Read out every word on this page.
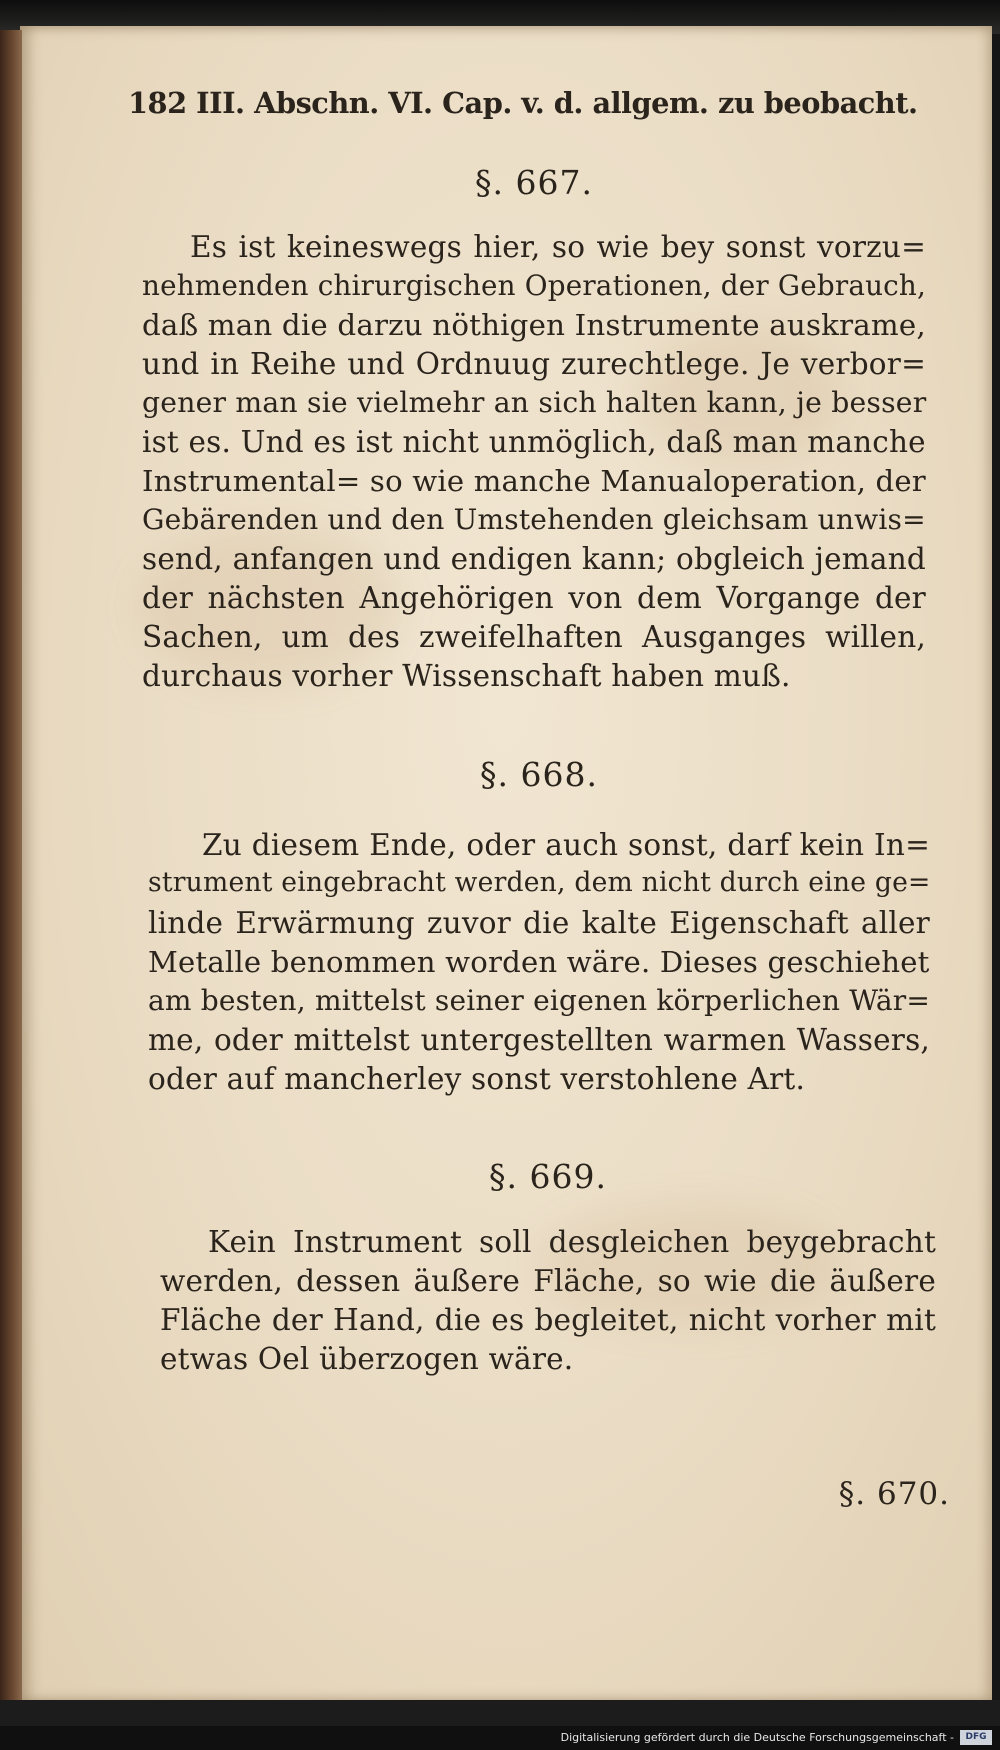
182 III. Abschn. VI. Cap. v. d. allgem. zu beobacht.
§. 667.
Es ist keineswegs hier, so wie bey sonst vorzu=
nehmenden chirurgischen Operationen, der Gebrauch,
daß man die darzu nöthigen Instrumente auskrame,
und in Reihe und Ordnuug zurechtlege. Je verbor=
gener man sie vielmehr an sich halten kann, je besser
ist es. Und es ist nicht unmöglich, daß man manche
Instrumental= so wie manche Manualoperation, der
Gebärenden und den Umstehenden gleichsam unwis=
send, anfangen und endigen kann; obgleich jemand
der nächsten Angehörigen von dem Vorgange der
Sachen, um des zweifelhaften Ausganges willen,
durchaus vorher Wissenschaft haben muß.
§. 668.
Zu diesem Ende, oder auch sonst, darf kein In=
strument eingebracht werden, dem nicht durch eine ge=
linde Erwärmung zuvor die kalte Eigenschaft aller
Metalle benommen worden wäre. Dieses geschiehet
am besten, mittelst seiner eigenen körperlichen Wär=
me, oder mittelst untergestellten warmen Wassers,
oder auf mancherley sonst verstohlene Art.
§. 669.
Kein Instrument soll desgleichen beygebracht
werden, dessen äußere Fläche, so wie die äußere
Fläche der Hand, die es begleitet, nicht vorher mit
etwas Oel überzogen wäre.
§. 670.
Digitalisierung gefördert durch die Deutsche Forschungsgemeinschaft -	DFG
